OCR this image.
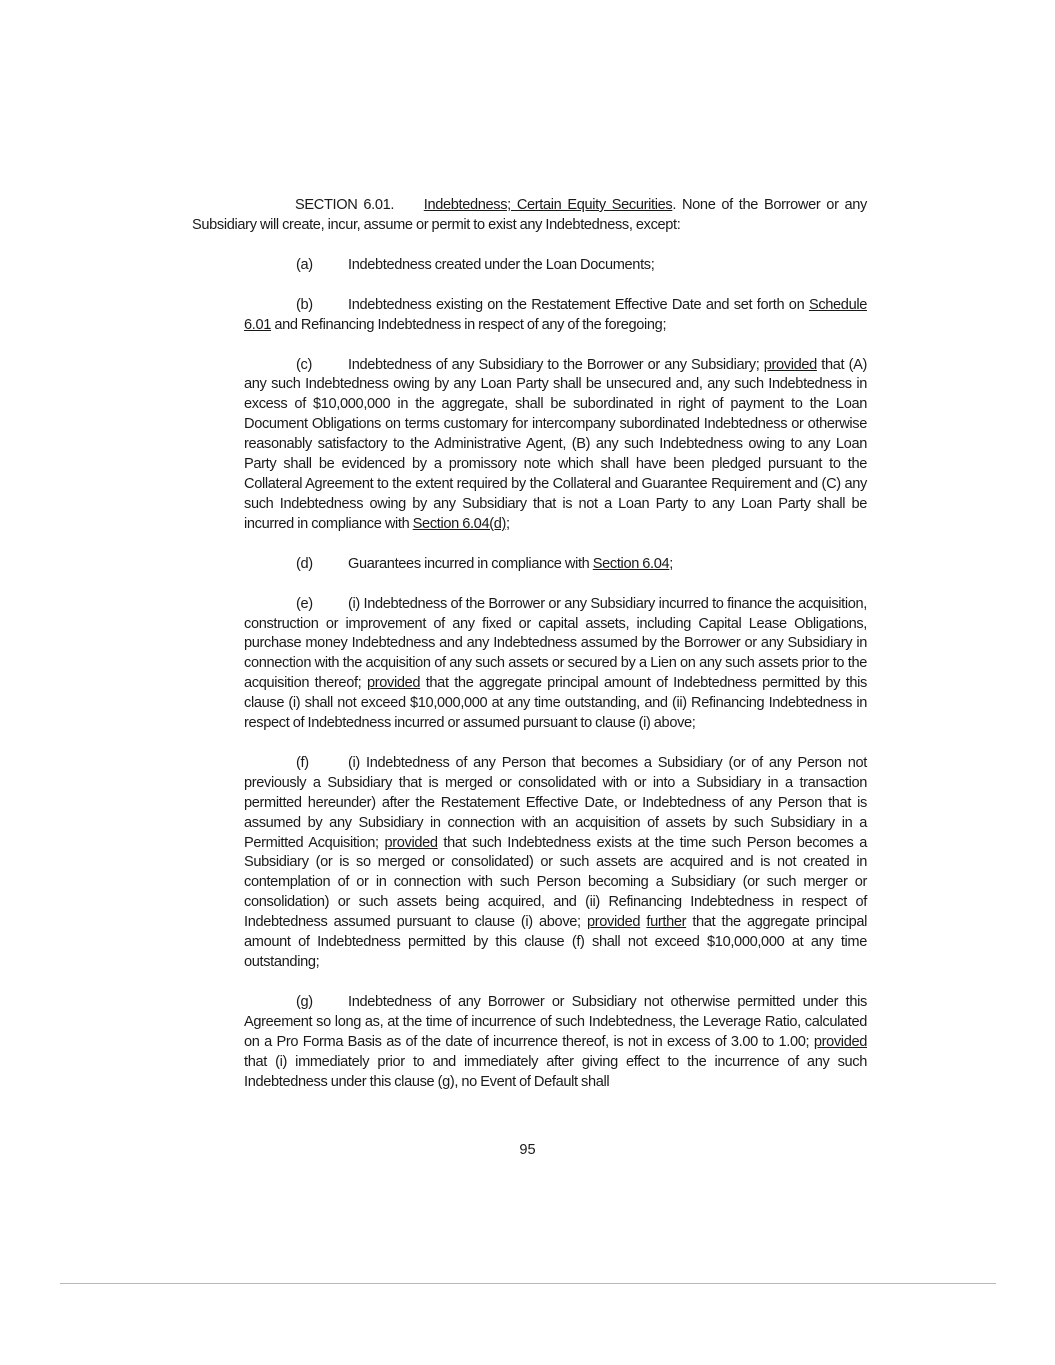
SECTION 6.01. Indebtedness; Certain Equity Securities. None of the Borrower or any Subsidiary will create, incur, assume or permit to exist any Indebtedness, except:

(a) Indebtedness created under the Loan Documents;

(b) Indebtedness existing on the Restatement Effective Date and set forth on Schedule 6.01 and Refinancing Indebtedness in respect of any of the foregoing;

(c) Indebtedness of any Subsidiary to the Borrower or any Subsidiary; provided that (A) any such Indebtedness owing by any Loan Party shall be unsecured and, any such Indebtedness in excess of $10,000,000 in the aggregate, shall be subordinated in right of payment to the Loan Document Obligations on terms customary for intercompany subordinated Indebtedness or otherwise reasonably satisfactory to the Administrative Agent, (B) any such Indebtedness owing to any Loan Party shall be evidenced by a promissory note which shall have been pledged pursuant to the Collateral Agreement to the extent required by the Collateral and Guarantee Requirement and (C) any such Indebtedness owing by any Subsidiary that is not a Loan Party to any Loan Party shall be incurred in compliance with Section 6.04(d);

(d) Guarantees incurred in compliance with Section 6.04;

(e) (i) Indebtedness of the Borrower or any Subsidiary incurred to finance the acquisition, construction or improvement of any fixed or capital assets, including Capital Lease Obligations, purchase money Indebtedness and any Indebtedness assumed by the Borrower or any Subsidiary in connection with the acquisition of any such assets or secured by a Lien on any such assets prior to the acquisition thereof; provided that the aggregate principal amount of Indebtedness permitted by this clause (i) shall not exceed $10,000,000 at any time outstanding, and (ii) Refinancing Indebtedness in respect of Indebtedness incurred or assumed pursuant to clause (i) above;

(f)	(i) Indebtedness of any Person that becomes a Subsidiary (or of any Person not previously a Subsidiary that is merged or consolidated with or into a Subsidiary in a transaction permitted hereunder) after the Restatement Effective Date, or Indebtedness of any Person that is assumed by any Subsidiary in connection with an acquisition of assets by such Subsidiary in a Permitted Acquisition; provided that such Indebtedness exists at the time such Person becomes a Subsidiary (or is so merged or consolidated) or such assets are acquired and is not created in contemplation of or in connection with such Person becoming a Subsidiary (or such merger or consolidation) or such assets being acquired, and (ii) Refinancing Indebtedness in respect of Indebtedness assumed pursuant to clause (i) above; provided further that the aggregate principal amount of Indebtedness permitted by this clause (f) shall not exceed $10,000,000 at any time outstanding;

(g) Indebtedness of any Borrower or Subsidiary not otherwise permitted under this Agreement so long as, at the time of incurrence of such Indebtedness, the Leverage Ratio, calculated on a Pro Forma Basis as of the date of incurrence thereof, is not in excess of 3.00 to 1.00; provided that (i) immediately prior to and immediately after giving effect to the incurrence of any such Indebtedness under this clause (g), no Event of Default shall

95
